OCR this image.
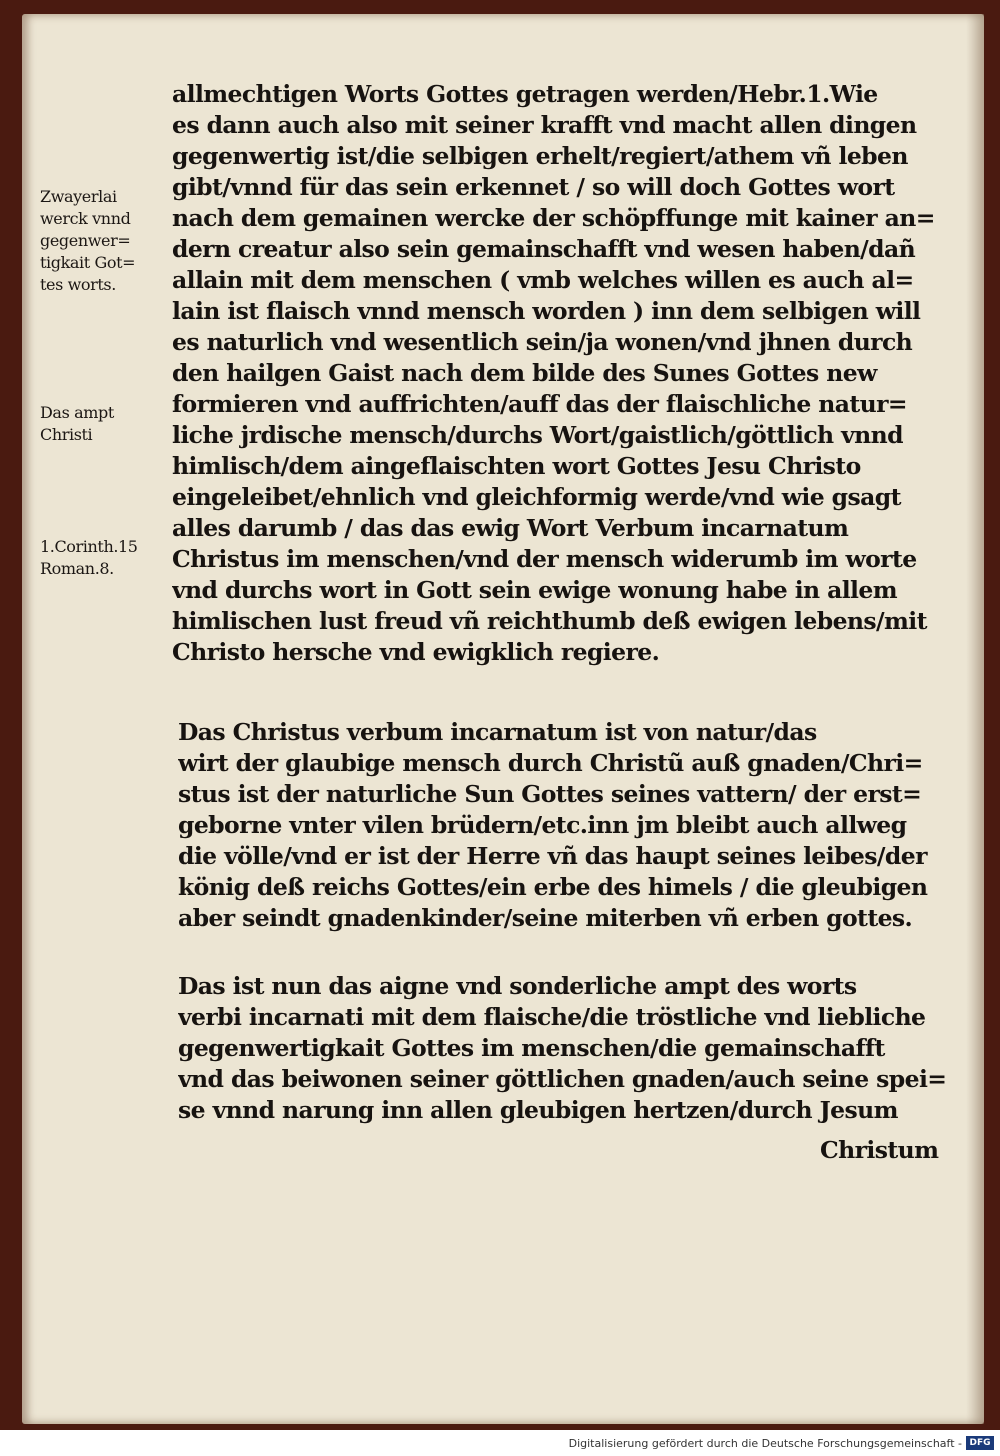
Zwayerlai
werck vnnd
gegenwer=
tigkait Got=
tes worts.
Das ampt
Christi
1.Corinth.15
Roman.8.
allmechtigen Worts Gottes getragen werden/Hebr.1.Wie
es dann auch also mit seiner krafft vnd macht allen dingen
gegenwertig ist/die selbigen erhelt/regiert/athem vñ leben
gibt/vnnd für das sein erkennet / so will doch Gottes wort
nach dem gemainen wercke der schöpffunge mit kainer an=
dern creatur also sein gemainschafft vnd wesen haben/dañ
allain mit dem menschen ( vmb welches willen es auch al=
lain ist flaisch vnnd mensch worden ) inn dem selbigen will
es naturlich vnd wesentlich sein/ja wonen/vnd jhnen durch
den hailgen Gaist nach dem bilde des Sunes Gottes new
formieren vnd auffrichten/auff das der flaischliche natur=
liche jrdische mensch/durchs Wort/gaistlich/göttlich vnnd
himlisch/dem aingeflaischten wort Gottes Jesu Christo
eingeleibet/ehnlich vnd gleichformig werde/vnd wie gsagt
alles darumb / das das ewig Wort Verbum incarnatum
Christus im menschen/vnd der mensch widerumb im worte
vnd durchs wort in Gott sein ewige wonung habe in allem
himlischen lust freud vñ reichthumb deß ewigen lebens/mit
Christo hersche vnd ewigklich regiere.
Das Christus verbum incarnatum ist von natur/das
wirt der glaubige mensch durch Christũ auß gnaden/Chri=
stus ist der naturliche Sun Gottes seines vattern/ der erst=
geborne vnter vilen brüdern/etc.inn jm bleibt auch allweg
die völle/vnd er ist der Herre vñ das haupt seines leibes/der
könig deß reichs Gottes/ein erbe des himels / die gleubigen
aber seindt gnadenkinder/seine miterben vñ erben gottes.
Das ist nun das aigne vnd sonderliche ampt des worts
verbi incarnati mit dem flaische/die tröstliche vnd liebliche
gegenwertigkait Gottes im menschen/die gemainschafft
vnd das beiwonen seiner göttlichen gnaden/auch seine spei=
se vnnd narung inn allen gleubigen hertzen/durch Jesum
Christum
Digitalisierung gefördert durch die Deutsche Forschungsgemeinschaft - DFG
